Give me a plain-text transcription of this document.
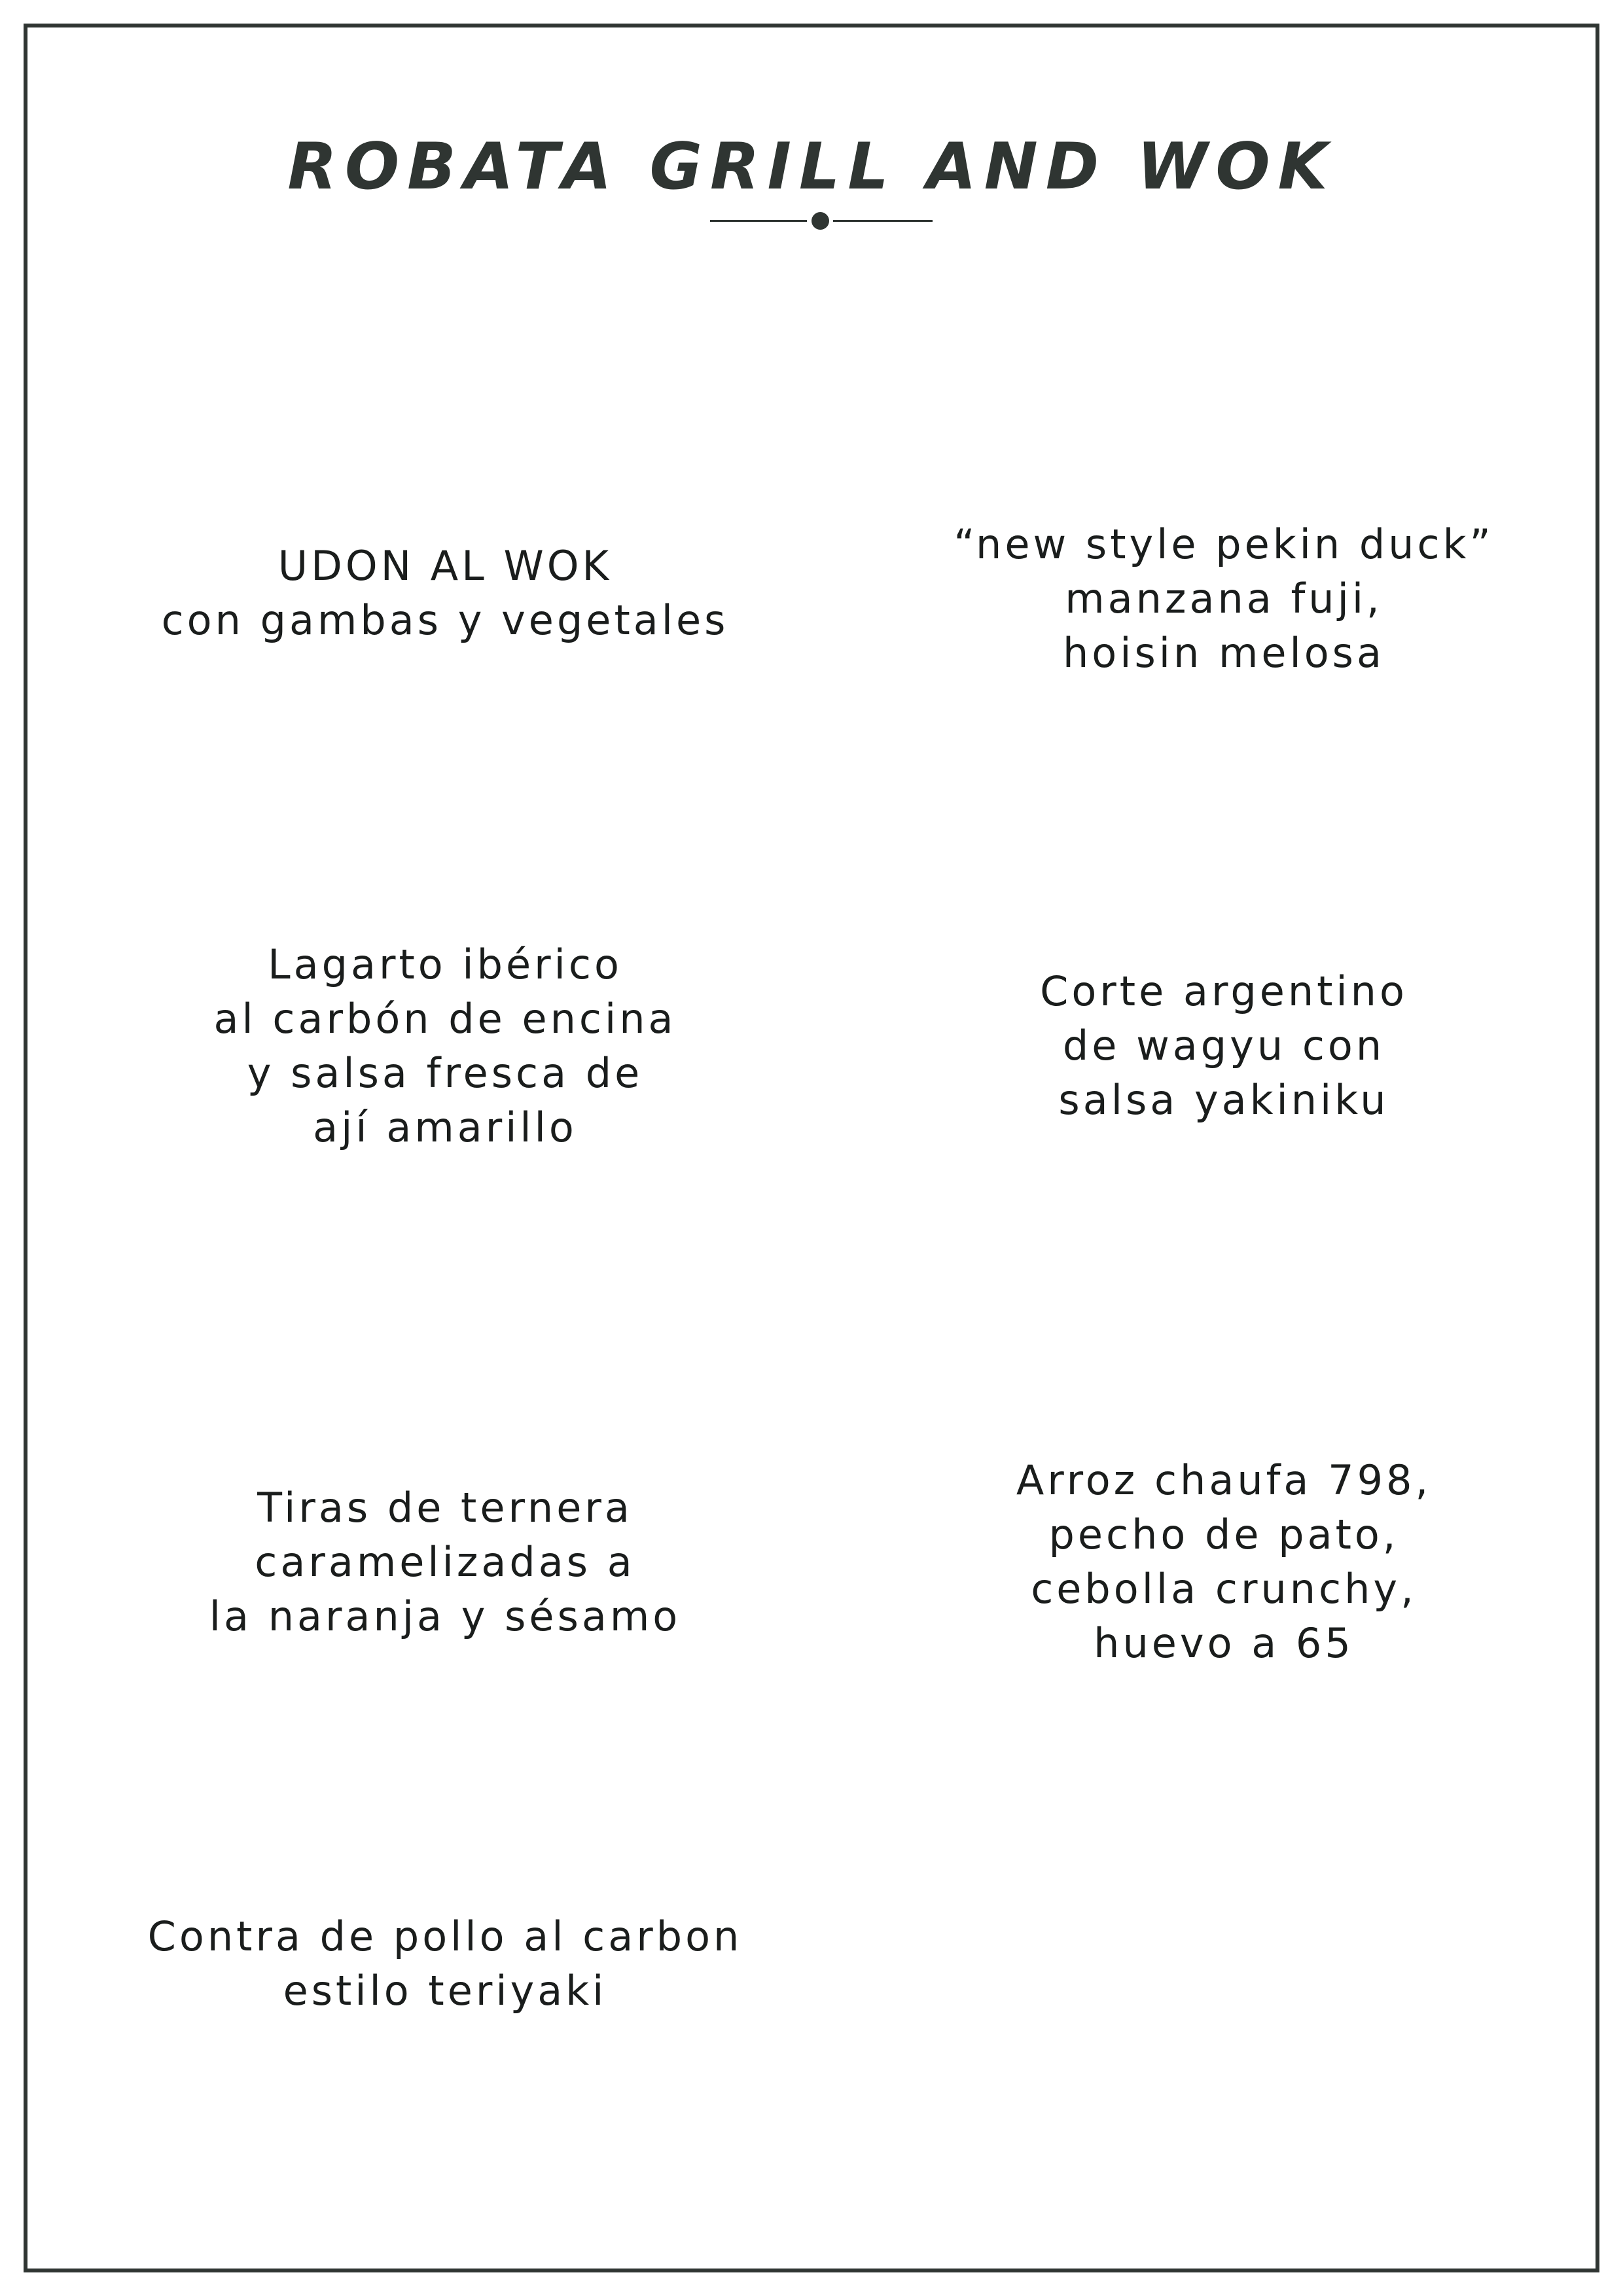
ROBATA GRILL AND WOK
UDON AL WOK
con gambas y vegetales
“new style pekin duck”
manzana fuji,
hoisin melosa
Lagarto ibérico
al carbón de encina
y salsa fresca de
ají amarillo
Corte argentino
de wagyu con
salsa yakiniku
Tiras de ternera
caramelizadas a
la naranja y sésamo
Arroz chaufa 798,
pecho de pato,
cebolla crunchy,
huevo a 65
Contra de pollo al carbon
estilo teriyaki
